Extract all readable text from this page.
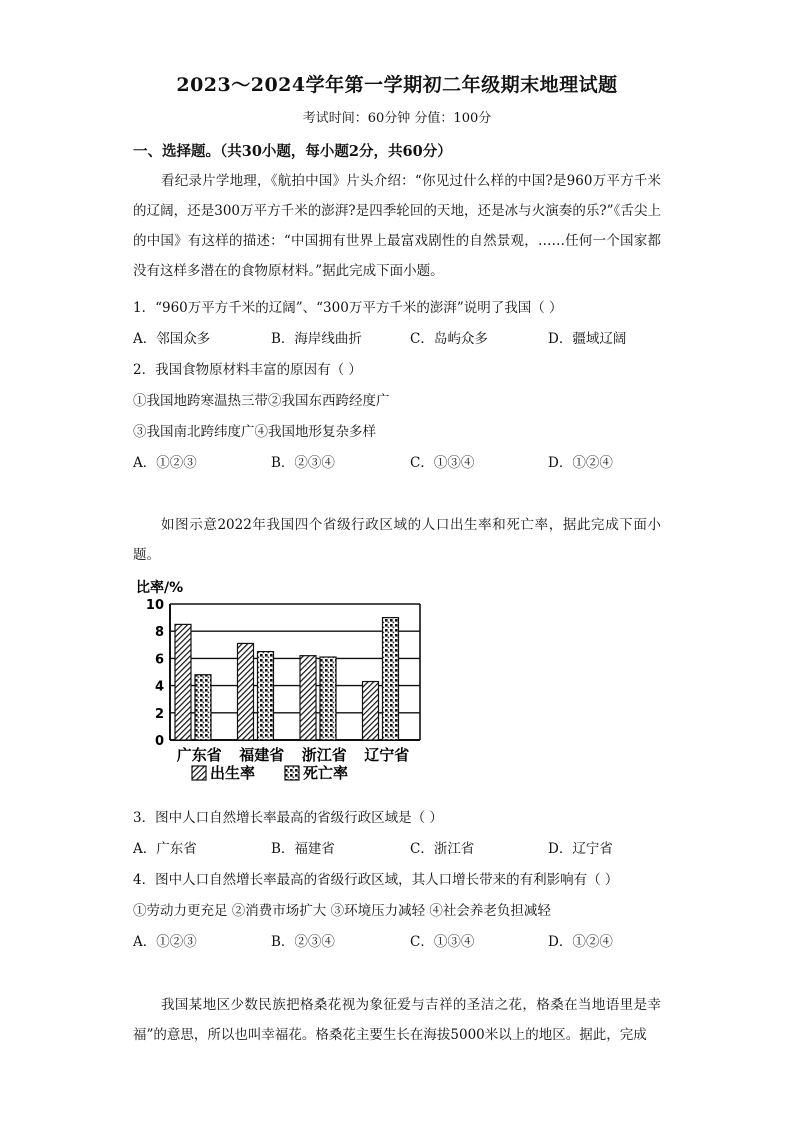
2023～2024学年第一学期初二年级期末地理试题
考试时间：60分钟 分值：100分
一、选择题。（共30小题，每小题2分，共60分）
看纪录片学地理，《航拍中国》片头介绍：“你见过什么样的中国?是960万平方千米的辽阔，还是300万平方千米的澎湃?是四季轮回的天地，还是冰与火演奏的乐?”《舌尖上的中国》有这样的描述：“中国拥有世界上最富戏剧性的自然景观，……任何一个国家都没有这样多潜在的食物原材料。”据此完成下面小题。
1．“960万平方千米的辽阔”、“300万平方千米的澎湃”说明了我国（ ）
A．邻国众多	B．海岸线曲折	C．岛屿众多	D．疆域辽阔
2．我国食物原材料丰富的原因有（ ）
①我国地跨寒温热三带②我国东西跨经度广
③我国南北跨纬度广④我国地形复杂多样
A．①②③	B．②③④	C．①③④	D．①②④
如图示意2022年我国四个省级行政区域的人口出生率和死亡率，据此完成下面小题。
比率/%
0
2
4
6
8
10
广东省 福建省 浙江省 辽宁省
出生率	死亡率
3．图中人口自然增长率最高的省级行政区域是（ ）
A．广东省	B．福建省	C．浙江省	D．辽宁省
4．图中人口自然增长率最高的省级行政区域，其人口增长带来的有利影响有（ ）
①劳动力更充足 ②消费市场扩大 ③环境压力减轻 ④社会养老负担减轻
A．①②③	B．②③④	C．①③④	D．①②④
我国某地区少数民族把格桑花视为象征爱与吉祥的圣洁之花，格桑在当地语里是幸福”的意思，所以也叫幸福花。格桑花主要生长在海拔5000米以上的地区。据此，完成
